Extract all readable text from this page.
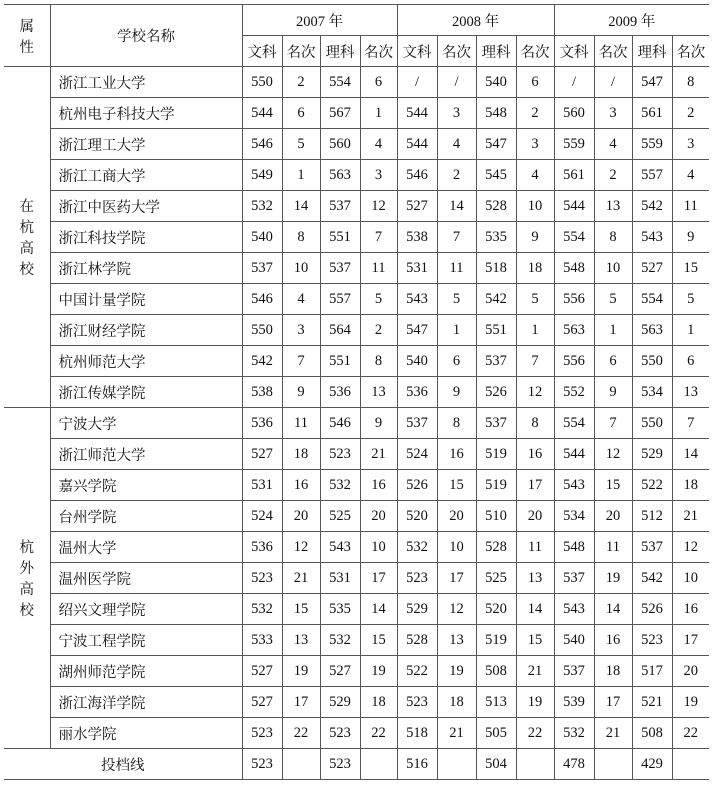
属
性	学校名称	2007 年				2008 年				2009 年			
		文科	名次	理科	名次	文科	名次	理科	名次	文科	名次	理科	名次

在
杭
高
校	浙江工业大学	550	2	554	6	/	/	540	6	/	/	547	8
	杭州电子科技大学	544	6	567	1	544	3	548	2	560	3	561	2
	浙江理工大学	546	5	560	4	544	4	547	3	559	4	559	3
	浙江工商大学	549	1	563	3	546	2	545	4	561	2	557	4
	浙江中医药大学	532	14	537	12	527	14	528	10	544	13	542	11
	浙江科技学院	540	8	551	7	538	7	535	9	554	8	543	9
	浙江林学院	537	10	537	11	531	11	518	18	548	10	527	15
	中国计量学院	546	4	557	5	543	5	542	5	556	5	554	5
	浙江财经学院	550	3	564	2	547	1	551	1	563	1	563	1
	杭州师范大学	542	7	551	8	540	6	537	7	556	6	550	6
	浙江传媒学院	538	9	536	13	536	9	526	12	552	9	534	13

杭
外
高
校	宁波大学	536	11	546	9	537	8	537	8	554	7	550	7
	浙江师范大学	527	18	523	21	524	16	519	16	544	12	529	14
	嘉兴学院	531	16	532	16	526	15	519	17	543	15	522	18
	台州学院	524	20	525	20	520	20	510	20	534	20	512	21
	温州大学	536	12	543	10	532	10	528	11	548	11	537	12
	温州医学院	523	21	531	17	523	17	525	13	537	19	542	10
	绍兴文理学院	532	15	535	14	529	12	520	14	543	14	526	16
	宁波工程学院	533	13	532	15	528	13	519	15	540	16	523	17
	湖州师范学院	527	19	527	19	522	19	508	21	537	18	517	20
	浙江海洋学院	527	17	529	18	523	18	513	19	539	17	521	19
	丽水学院	523	22	523	22	518	21	505	22	532	21	508	22
投档线		523		523		516		504		478		429	
